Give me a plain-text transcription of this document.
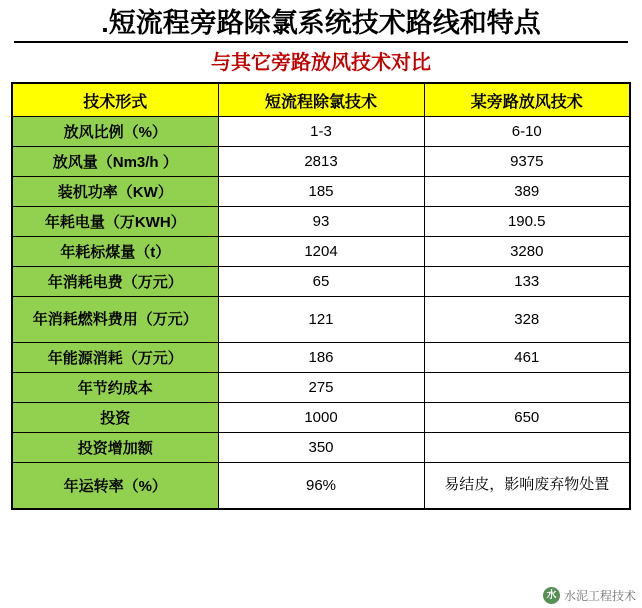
.短流程旁路除氯系统技术路线和特点
与其它旁路放风技术对比
技术形式	短流程除氯技术	某旁路放风技术
放风比例（%）	1-3	6-10
放风量（Nm3/h ）	2813	9375
装机功率（KW）	185	389
年耗电量（万KWH）	93	190.5
年耗标煤量（t）	1204	3280
年消耗电费（万元）	65	133
年消耗燃料费用（万元）	121	328
年能源消耗（万元）	186	461
年节约成本	275	
投资	1000	650
投资增加额	350	
年运转率（%）	96%	易结皮，影响废弃物处置
水 水泥工程技术
